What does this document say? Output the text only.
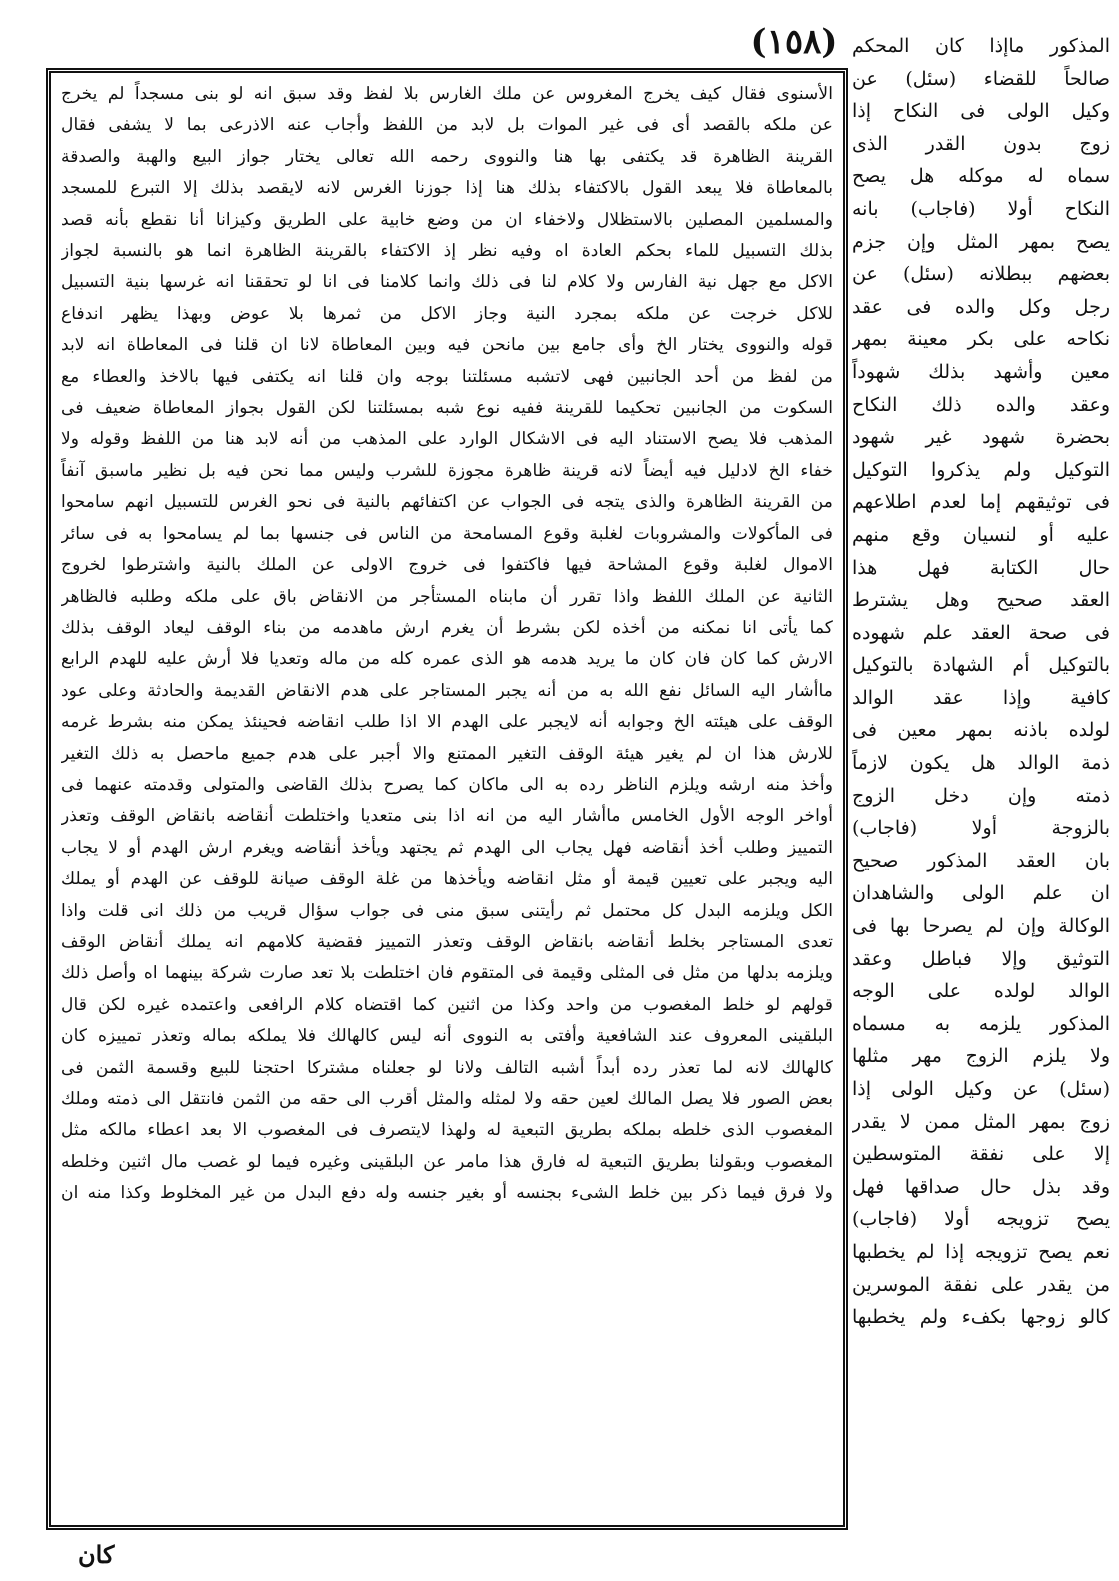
(١٥٨) المذكور ماإذا كان المحكم
صالحاً للقضاء (سئل) عن
وكيل الولى فى النكاح إذا
زوج بدون القدر الذى
سماه له موكله هل يصح
النكاح أولا (فاجاب) بانه
يصح بمهر المثل وإن جزم
بعضهم ببطلانه (سئل) عن
رجل وكل والده فى عقد
نكاحه على بكر معينة بمهر
معين وأشهد بذلك شهوداً
وعقد والده ذلك النكاح
بحضرة شهود غير شهود
التوكيل ولم يذكروا التوكيل
فى توثيقهم إما لعدم اطلاعهم
عليه أو لنسيان وقع منهم
حال الكتابة فهل هذا
العقد صحيح وهل يشترط
فى صحة العقد علم شهوده
بالتوكيل أم الشهادة بالتوكيل
كافية وإذا عقد الوالد
لولده باذنه بمهر معين فى
ذمة الوالد هل يكون لازماً
ذمته وإن دخل الزوج
بالزوجة أولا (فاجاب)
بان العقد المذكور صحيح
ان علم الولى والشاهدان
الوكالة وإن لم يصرحا بها فى
التوثيق وإلا فباطل وعقد
الوالد لولده على الوجه
المذكور يلزمه به مسماه
ولا يلزم الزوج مهر مثلها
(سئل) عن وكيل الولى إذا
زوج بمهر المثل ممن لا يقدر
إلا على نفقة المتوسطين
وقد بذل حال صداقها فهل
يصح تزويجه أولا (فاجاب)
نعم يصح تزويجه إذا لم يخطبها
من يقدر على نفقة الموسرين
كالو زوجها بكفء ولم يخطبها
الأسنوى فقال كيف يخرج المغروس عن ملك الغارس بلا لفظ وقد سبق انه لو بنى مسجداً لم يخرج
عن ملكه بالقصد أى فى غير الموات بل لابد من اللفظ وأجاب عنه الاذرعى بما لا يشفى فقال
القرينة الظاهرة قد يكتفى بها هنا والنووى رحمه الله تعالى يختار جواز البيع والهبة والصدقة
بالمعاطاة فلا يبعد القول بالاكتفاء بذلك هنا إذا جوزنا الغرس لانه لايقصد بذلك إلا التبرع للمسجد
والمسلمين المصلين بالاستظلال ولاخفاء ان من وضع خابية على الطريق وكيزانا أنا نقطع بأنه قصد
بذلك التسبيل للماء بحكم العادة اه وفيه نظر إذ الاكتفاء بالقرينة الظاهرة انما هو بالنسبة لجواز
الاكل مع جهل نية الفارس ولا كلام لنا فى ذلك وانما كلامنا فى انا لو تحققنا انه غرسها بنية التسبيل
للاكل خرجت عن ملكه بمجرد النية وجاز الاكل من ثمرها بلا عوض وبهذا يظهر اندفاع
قوله والنووى يختار الخ وأى جامع بين مانحن فيه وبين المعاطاة لانا ان قلنا فى المعاطاة انه لابد
من لفظ من أحد الجانبين فهى لاتشبه مسئلتنا بوجه وان قلنا انه يكتفى فيها بالاخذ والعطاء مع
السكوت من الجانبين تحكيما للقرينة ففيه نوع شبه بمسئلتنا لكن القول بجواز المعاطاة ضعيف فى
المذهب فلا يصح الاستناد اليه فى الاشكال الوارد على المذهب من أنه لابد هنا من اللفظ وقوله ولا
خفاء الخ لادليل فيه أيضاً لانه قرينة ظاهرة مجوزة للشرب وليس مما نحن فيه بل نظير ماسبق آنفاً
من القرينة الظاهرة والذى يتجه فى الجواب عن اكتفائهم بالنية فى نحو الغرس للتسبيل انهم سامحوا
فى المأكولات والمشروبات لغلبة وقوع المسامحة من الناس فى جنسها بما لم يسامحوا به فى سائر
الاموال لغلبة وقوع المشاحة فيها فاكتفوا فى خروج الاولى عن الملك بالنية واشترطوا لخروج
الثانية عن الملك اللفظ واذا تقرر أن مابناه المستأجر من الانقاض باق على ملكه وطلبه فالظاهر
كما يأتى انا نمكنه من أخذه لكن بشرط أن يغرم ارش ماهدمه من بناء الوقف ليعاد الوقف بذلك
الارش كما كان فان كان ما يريد هدمه هو الذى عمره كله من ماله وتعديا فلا أرش عليه للهدم الرابع
ماأشار اليه السائل نفع الله به من أنه يجبر المستاجر على هدم الانقاض القديمة والحادثة وعلى عود
الوقف على هيئته الخ وجوابه أنه لايجبر على الهدم الا اذا طلب انقاضه فحينئذ يمكن منه بشرط غرمه
للارش هذا ان لم يغير هيئة الوقف التغير الممتنع والا أجبر على هدم جميع ماحصل به ذلك التغير
وأخذ منه ارشه ويلزم الناظر رده به الى ماكان كما يصرح بذلك القاضى والمتولى وقدمته عنهما فى
أواخر الوجه الأول الخامس ماأشار اليه من انه اذا بنى متعديا واختلطت أنقاضه بانقاض الوقف وتعذر
التمييز وطلب أخذ أنقاضه فهل يجاب الى الهدم ثم يجتهد ويأخذ أنقاضه ويغرم ارش الهدم أو لا يجاب
اليه ويجبر على تعيين قيمة أو مثل انقاضه ويأخذها من غلة الوقف صيانة للوقف عن الهدم أو يملك
الكل ويلزمه البدل كل محتمل ثم رأيتنى سبق منى فى جواب سؤال قريب من ذلك انى قلت واذا
تعدى المستاجر بخلط أنقاضه بانقاض الوقف وتعذر التمييز فقضية كلامهم انه يملك أنقاض الوقف
ويلزمه بدلها من مثل فى المثلى وقيمة فى المتقوم فان اختلطت بلا تعد صارت شركة بينهما اه وأصل ذلك
قولهم لو خلط المغصوب من واحد وكذا من اثنين كما اقتضاه كلام الرافعى واعتمده غيره لكن قال
البلقينى المعروف عند الشافعية وأفتى به النووى أنه ليس كالهالك فلا يملكه بماله وتعذر تمييزه كان
كالهالك لانه لما تعذر رده أبداً أشبه التالف ولانا لو جعلناه مشتركا احتجنا للبيع وقسمة الثمن فى
بعض الصور فلا يصل المالك لعين حقه ولا لمثله والمثل أقرب الى حقه من الثمن فانتقل الى ذمته وملك
المغصوب الذى خلطه بملكه بطريق التبعية له ولهذا لايتصرف فى المغصوب الا بعد اعطاء مالكه مثل
المغصوب وبقولنا بطريق التبعية له فارق هذا مامر عن البلقينى وغيره فيما لو غصب مال اثنين وخلطه
ولا فرق فيما ذكر بين خلط الشىء بجنسه أو بغير جنسه وله دفع البدل من غير المخلوط وكذا منه ان
كان
